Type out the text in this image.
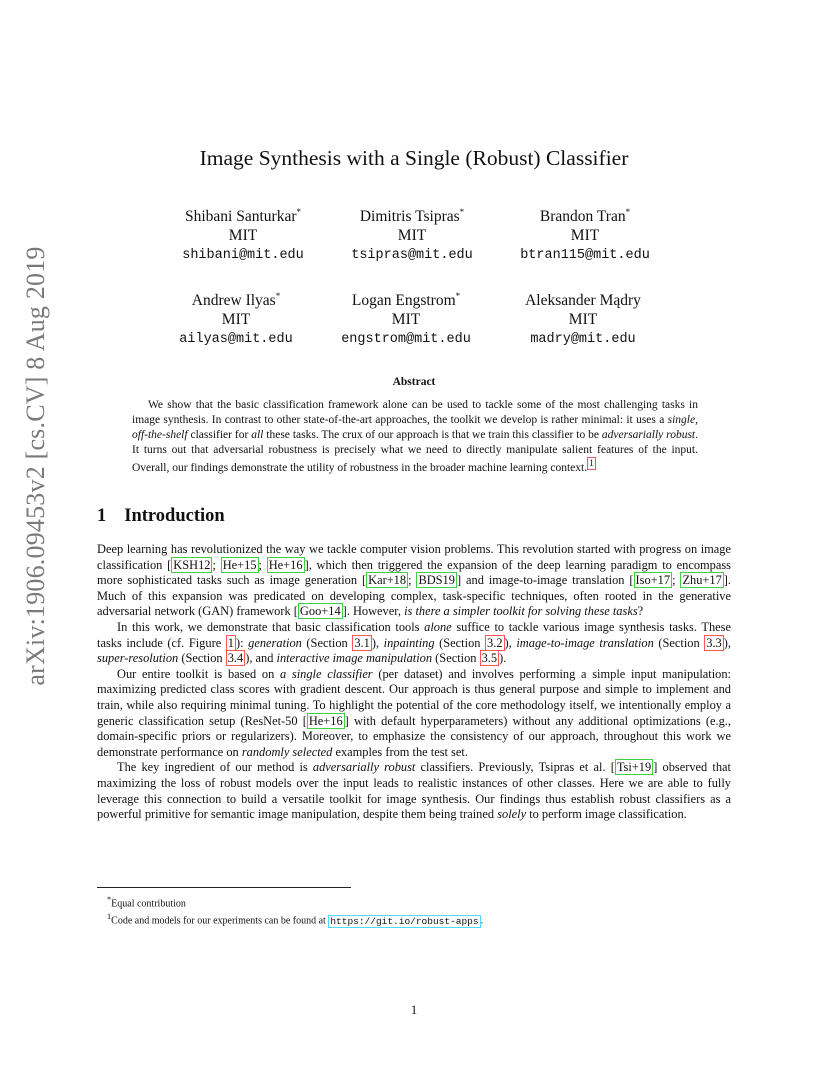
arXiv:1906.09453v2 [cs.CV] 8 Aug 2019
Image Synthesis with a Single (Robust) Classifier
Shibani Santurkar*
MIT
shibani@mit.edu
Dimitris Tsipras*
MIT
tsipras@mit.edu
Brandon Tran*
MIT
btran115@mit.edu
Andrew Ilyas*
MIT
ailyas@mit.edu
Logan Engstrom*
MIT
engstrom@mit.edu
Aleksander Mądry
MIT
madry@mit.edu
Abstract

We show that the basic classification framework alone can be used to tackle some of the most challenging tasks in image synthesis. In contrast to other state-of-the-art approaches, the toolkit we develop is rather minimal: it uses a single, off-the-shelf classifier for all these tasks. The crux of our approach is that we train this classifier to be adversarially robust. It turns out that adversarial robustness is precisely what we need to directly manipulate salient features of the input. Overall, our findings demonstrate the utility of robustness in the broader machine learning context. $^1$

1 Introduction

Deep learning has revolutionized the way we tackle computer vision problems. This revolution started with progress on image classification [ KSH12 ; He+15 ; He+16 ], which then triggered the expansion of the deep learning paradigm to encompass more sophisticated tasks such as image generation [ Kar+18 ; BDS19 ] and image-to-image translation [ Iso+17 ; Zhu+17 ]. Much of this expansion was predicated on developing complex, task-specific techniques, often rooted in the generative adversarial network (GAN) framework [ Goo+14 ]. However, is there a simpler toolkit for solving these tasks?

In this work, we demonstrate that basic classification tools alone suffice to tackle various image synthesis tasks. These tasks include (cf. Figure 1 ): generation (Section 3.1 ), inpainting (Section 3.2 ), image-to-image translation (Section 3.3 ), super-resolution (Section 3.4 ), and interactive image manipulation (Section 3.5 ).

Our entire toolkit is based on a single classifier (per dataset) and involves performing a simple input manipulation: maximizing predicted class scores with gradient descent. Our approach is thus general purpose and simple to implement and train, while also requiring minimal tuning. To highlight the potential of the core methodology itself, we intentionally employ a generic classification setup (ResNet-50 [ He+16 ] with default hyperparameters) without any additional optimizations (e.g., domain-specific priors or regularizers). Moreover, to emphasize the consistency of our approach, throughout this work we demonstrate performance on randomly selected examples from the test set.

The key ingredient of our method is adversarially robust classifiers. Previously, Tsipras et al. [ Tsi+19 ] observed that maximizing the loss of robust models over the input leads to realistic instances of other classes. Here we are able to fully leverage this connection to build a versatile toolkit for image synthesis. Our findings thus establish robust classifiers as a powerful primitive for semantic image manipulation, despite them being trained solely to perform image classification.

*Equal contribution

$^1$Code and models for our experiments can be found at https://git.io/robust-apps .

1
